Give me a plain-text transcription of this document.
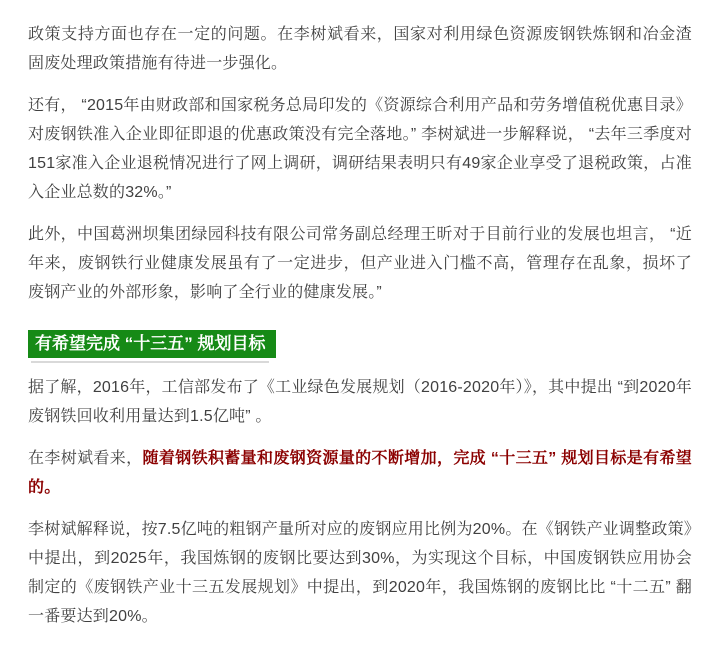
政策支持方面也存在一定的问题。在李树斌看来，国家对利用绿色资源废钢铁炼钢和冶金渣固废处理政策措施有待进一步强化。

还有， “2015年由财政部和国家税务总局印发的《资源综合利用产品和劳务增值税优惠目录》对废钢铁准入企业即征即退的优惠政策没有完全落地。” 李树斌进一步解释说， “去年三季度对151家准入企业退税情况进行了网上调研，调研结果表明只有49家企业享受了退税政策，占准入企业总数的32%。”

此外，中国葛洲坝集团绿园科技有限公司常务副总经理王昕对于目前行业的发展也坦言， “近年来，废钢铁行业健康发展虽有了一定进步，但产业进入门槛不高，管理存在乱象，损坏了废钢产业的外部形象，影响了全行业的健康发展。”

有希望完成 “十三五” 规划目标

据了解，2016年，工信部发布了《工业绿色发展规划（2016-2020年）》，其中提出 “到2020年废钢铁回收利用量达到1.5亿吨” 。

在李树斌看来，随着钢铁积蓄量和废钢资源量的不断增加，完成 “十三五” 规划目标是有希望的。

李树斌解释说，按7.5亿吨的粗钢产量所对应的废钢应用比例为20%。在《钢铁产业调整政策》中提出，到2025年，我国炼钢的废钢比要达到30%，为实现这个目标，中国废钢铁应用协会制定的《废钢铁产业十三五发展规划》中提出，到2020年，我国炼钢的废钢比比 “十二五” 翻一番要达到20%。
